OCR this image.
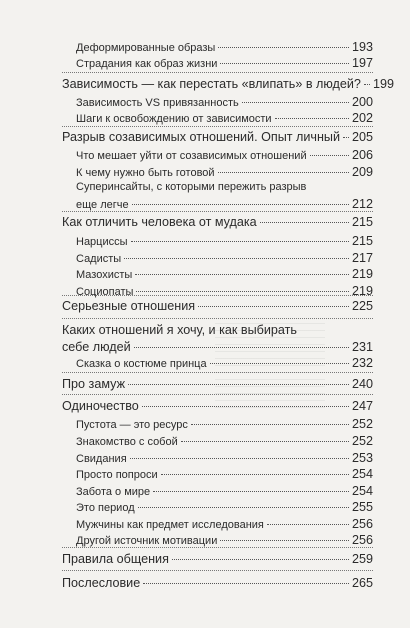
Деформированные образы	193
Страдания как образ жизни	197
Зависимость — как перестать «влипать» в людей? 199
Зависимость VS привязанность	200
Шаги к освобождению от зависимости	202
Разрыв созависимых отношений. Опыт личный 205
Что мешает уйти от созависимых отношений	206
К чему нужно быть готовой	209
Суперинсайты, с которыми пережить разрыв
еще легче	212
Как отличить человека от мудака	215
Нарциссы	215
Садисты	217
Мазохисты	219
Социопаты	219
Серьезные отношения	225
Каких отношений я хочу, и как выбирать
себе людей	231
Сказка о костюме принца	232
Про замуж	240
Одиночество	247
Пустота — это ресурс	252
Знакомство с собой	252
Свидания	253
Просто попроси	254
Забота о мире	254
Это период	255
Мужчины как предмет исследования	256
Другой источник мотивации	256
Правила общения	259
Послесловие	265
